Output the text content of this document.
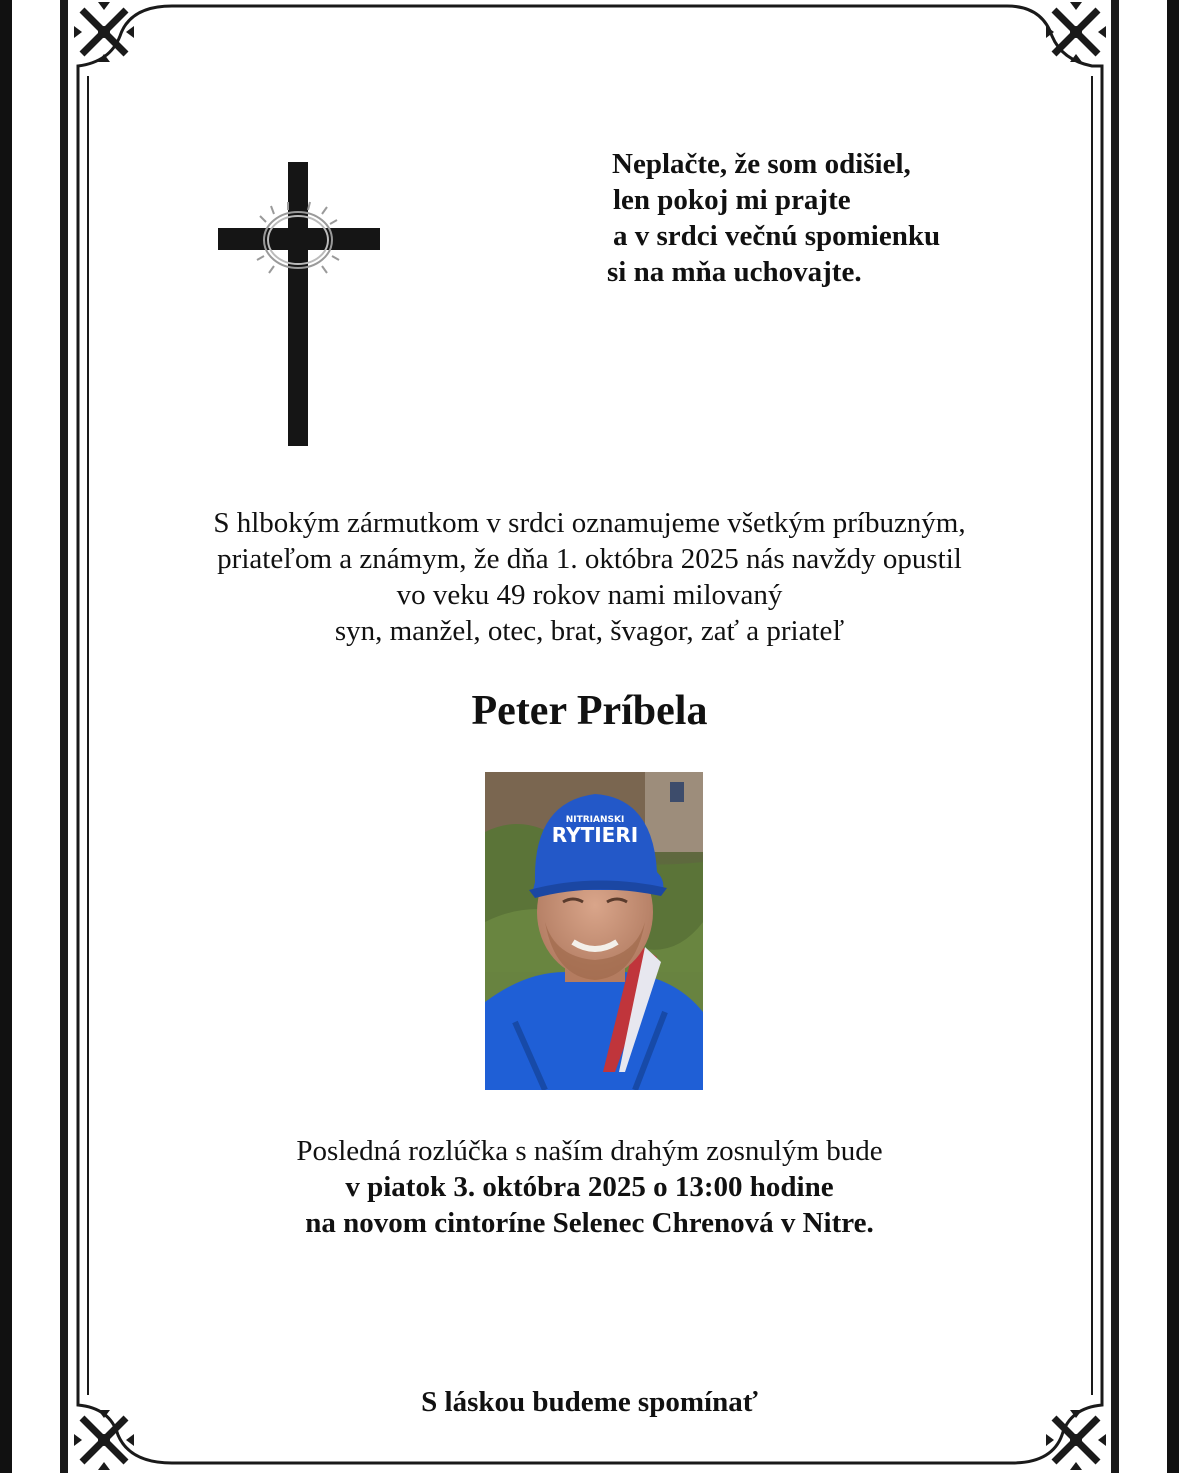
Neplačte, že som odišiel,
len pokoj mi prajte
a v srdci večnú spomienku
si na mňa uchovajte.
S hlbokým zármutkom v srdci oznamujeme všetkým príbuzným,
priateľom a známym, že dňa 1. októbra 2025 nás navždy opustil
vo veku 49 rokov nami milovaný
syn, manžel, otec, brat, švagor, zať a priateľ
Peter Príbela
RYTIERI
NITRIANSKI
Posledná rozlúčka s naším drahým zosnulým bude
v piatok 3. októbra 2025 o 13:00 hodine
na novom cintoríne Selenec Chrenová v Nitre.
S láskou budeme spomínať
